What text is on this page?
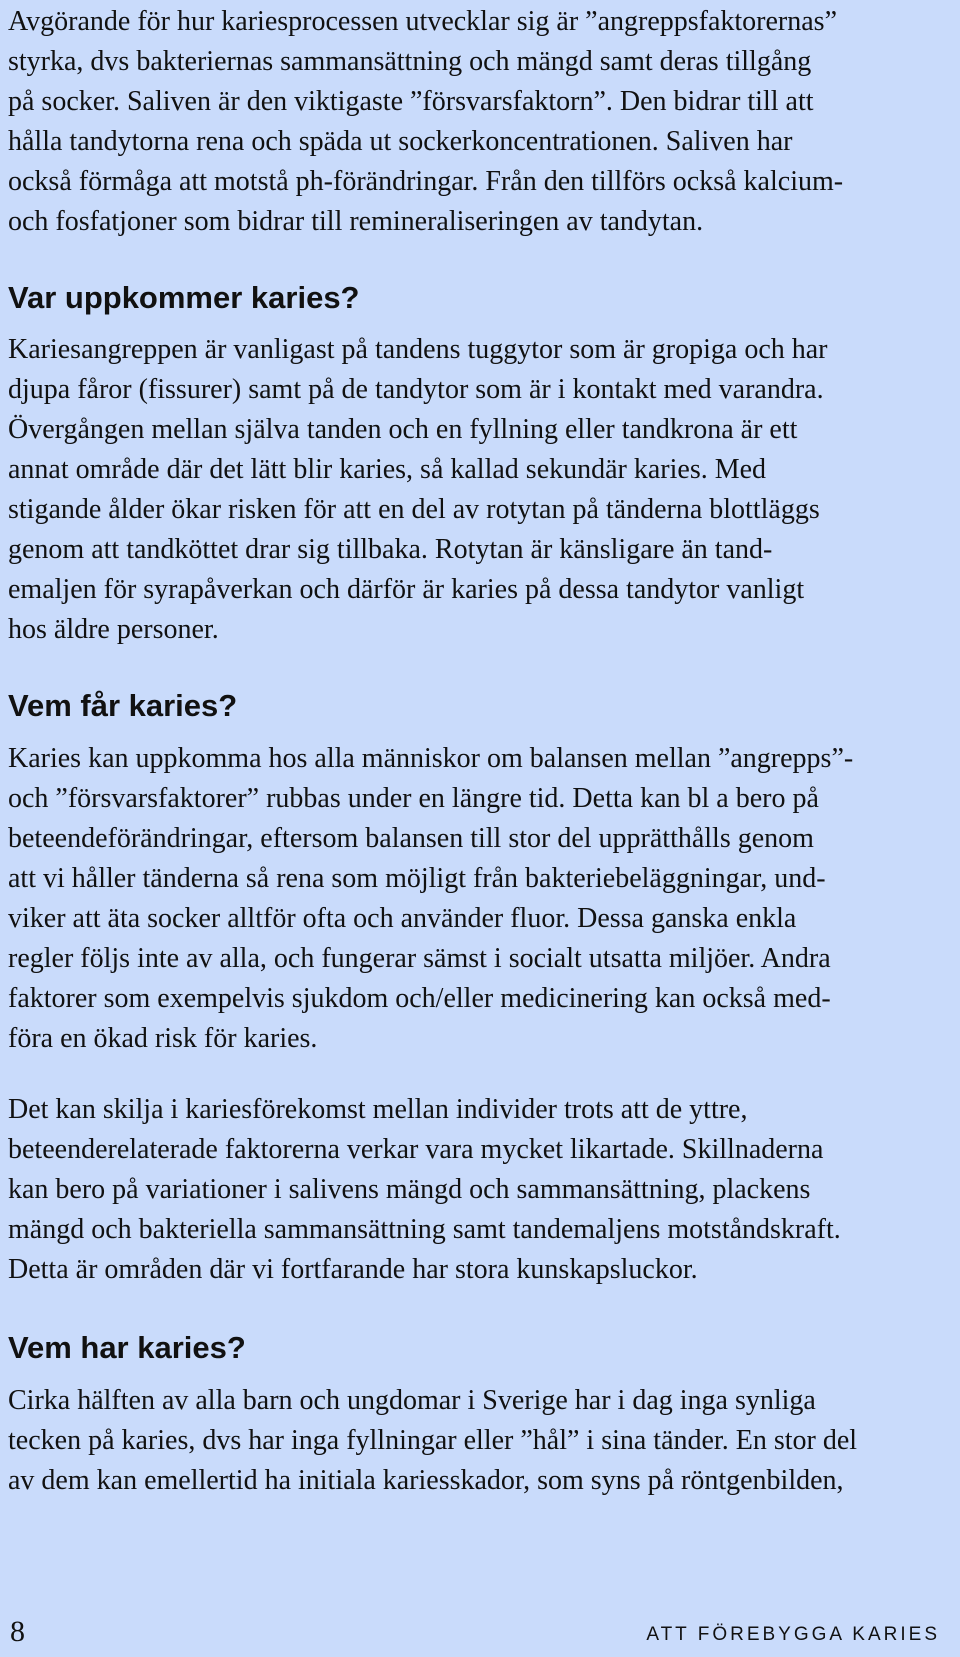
Avgörande för hur kariesprocessen utvecklar sig är ”angreppsfaktorernas”
styrka, dvs bakteriernas sammansättning och mängd samt deras tillgång
på socker. Saliven är den viktigaste ”försvarsfaktorn”. Den bidrar till att
hålla tandytorna rena och späda ut sockerkoncentrationen. Saliven har
också förmåga att motstå ph-förändringar. Från den tillförs också kalcium-
och fosfatjoner som bidrar till remineraliseringen av tandytan.

Var uppkommer karies?

Kariesangreppen är vanligast på tandens tuggytor som är gropiga och har
djupa fåror (fissurer) samt på de tandytor som är i kontakt med varandra.
Övergången mellan själva tanden och en fyllning eller tandkrona är ett
annat område där det lätt blir karies, så kallad sekundär karies. Med
stigande ålder ökar risken för att en del av rotytan på tänderna blottläggs
genom att tandköttet drar sig tillbaka. Rotytan är känsligare än tand-
emaljen för syrapåverkan och därför är karies på dessa tandytor vanligt
hos äldre personer.

Vem får karies?

Karies kan uppkomma hos alla människor om balansen mellan ”angrepps”-
och ”försvarsfaktorer” rubbas under en längre tid. Detta kan bl a bero på
beteendeförändringar, eftersom balansen till stor del upprätthålls genom
att vi håller tänderna så rena som möjligt från bakteriebeläggningar, und-
viker att äta socker alltför ofta och använder fluor. Dessa ganska enkla
regler följs inte av alla, och fungerar sämst i socialt utsatta miljöer. Andra
faktorer som exempelvis sjukdom och/eller medicinering kan också med-
föra en ökad risk för karies.

Det kan skilja i kariesförekomst mellan individer trots att de yttre,
beteenderelaterade faktorerna verkar vara mycket likartade. Skillnaderna
kan bero på variationer i salivens mängd och sammansättning, plackens
mängd och bakteriella sammansättning samt tandemaljens motståndskraft.
Detta är områden där vi fortfarande har stora kunskapsluckor.

Vem har karies?

Cirka hälften av alla barn och ungdomar i Sverige har i dag inga synliga
tecken på karies, dvs har inga fyllningar eller ”hål” i sina tänder. En stor del
av dem kan emellertid ha initiala kariesskador, som syns på röntgenbilden,

8	ATT FÖREBYGGA KARIES
